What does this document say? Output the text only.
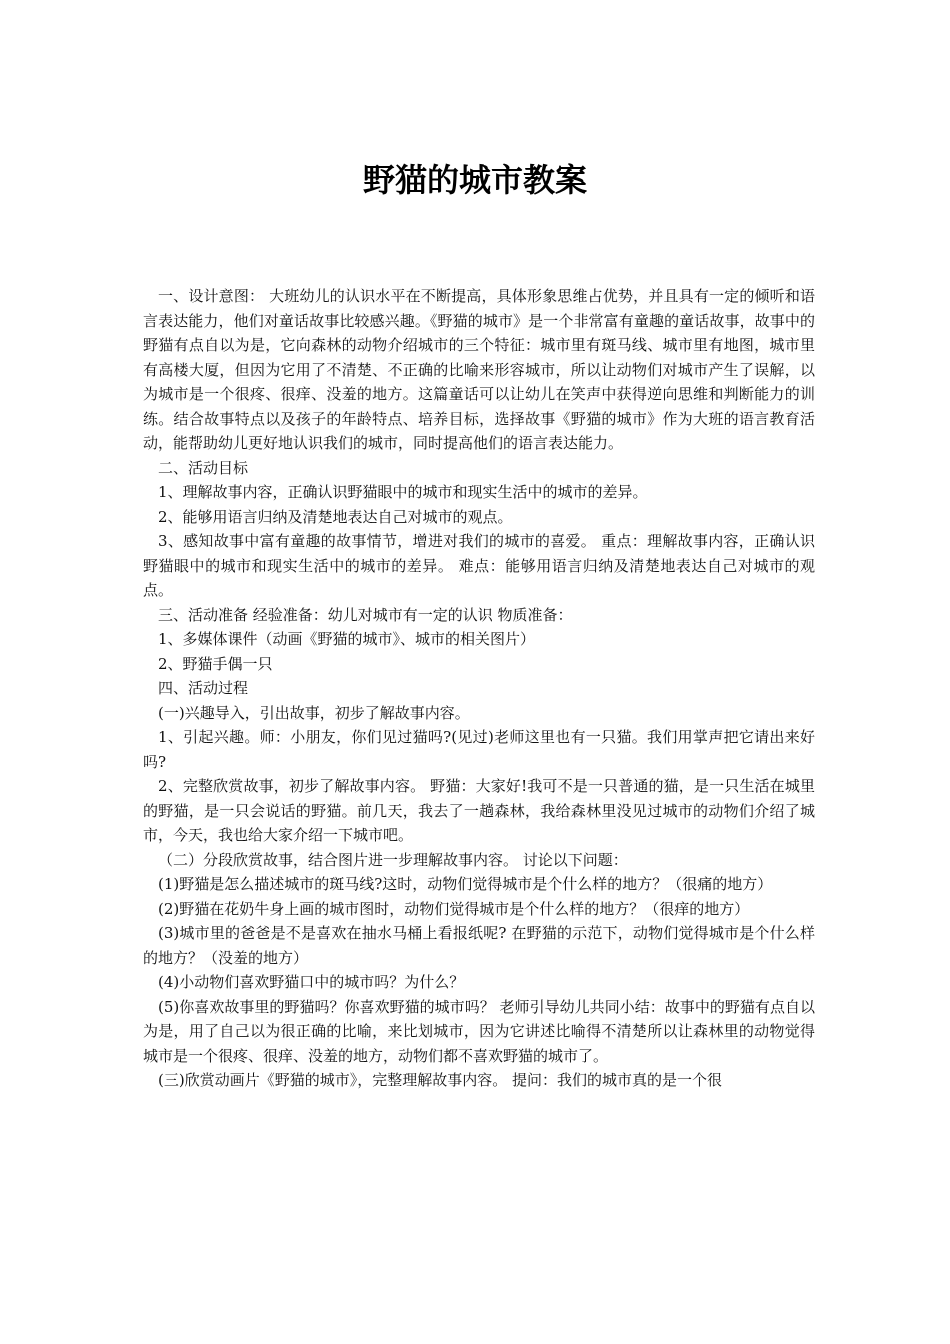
野猫的城市教案

一、设计意图： 大班幼儿的认识水平在不断提高，具体形象思维占优势，并且具有一定的倾听和语言表达能力，他们对童话故事比较感兴趣。《野猫的城市》是一个非常富有童趣的童话故事，故事中的野猫有点自以为是，它向森林的动物介绍城市的三个特征：城市里有斑马线、城市里有地图，城市里有高楼大厦，但因为它用了不清楚、不正确的比喻来形容城市，所以让动物们对城市产生了误解，以为城市是一个很疼、很痒、没羞的地方。这篇童话可以让幼儿在笑声中获得逆向思维和判断能力的训练。结合故事特点以及孩子的年龄特点、培养目标，选择故事《野猫的城市》作为大班的语言教育活动，能帮助幼儿更好地认识我们的城市，同时提高他们的语言表达能力。

二、活动目标

1、理解故事内容，正确认识野猫眼中的城市和现实生活中的城市的差异。

2、能够用语言归纳及清楚地表达自己对城市的观点。

3、感知故事中富有童趣的故事情节，增进对我们的城市的喜爱。 重点：理解故事内容，正确认识野猫眼中的城市和现实生活中的城市的差异。 难点：能够用语言归纳及清楚地表达自己对城市的观点。

三、活动准备 经验准备：幼儿对城市有一定的认识 物质准备：

1、多媒体课件（动画《野猫的城市》、城市的相关图片）

2、野猫手偶一只

四、活动过程

(一)兴趣导入，引出故事，初步了解故事内容。

1、引起兴趣。师：小朋友，你们见过猫吗?(见过)老师这里也有一只猫。我们用掌声把它请出来好吗?

2、完整欣赏故事，初步了解故事内容。 野猫：大家好!我可不是一只普通的猫，是一只生活在城里的野猫，是一只会说话的野猫。前几天，我去了一趟森林，我给森林里没见过城市的动物们介绍了城市，今天，我也给大家介绍一下城市吧。

（二）分段欣赏故事，结合图片进一步理解故事内容。 讨论以下问题：

(1)野猫是怎么描述城市的斑马线?这时，动物们觉得城市是个什么样的地方？（很痛的地方）

(2)野猫在花奶牛身上画的城市图时，动物们觉得城市是个什么样的地方？（很痒的地方）

(3)城市里的爸爸是不是喜欢在抽水马桶上看报纸呢? 在野猫的示范下，动物们觉得城市是个什么样的地方？（没羞的地方）

(4)小动物们喜欢野猫口中的城市吗？为什么？

(5)你喜欢故事里的野猫吗？你喜欢野猫的城市吗？ 老师引导幼儿共同小结：故事中的野猫有点自以为是，用了自己以为很正确的比喻，来比划城市，因为它讲述比喻得不清楚所以让森林里的动物觉得城市是一个很疼、很痒、没羞的地方，动物们都不喜欢野猫的城市了。

(三)欣赏动画片《野猫的城市》，完整理解故事内容。 提问：我们的城市真的是一个很
